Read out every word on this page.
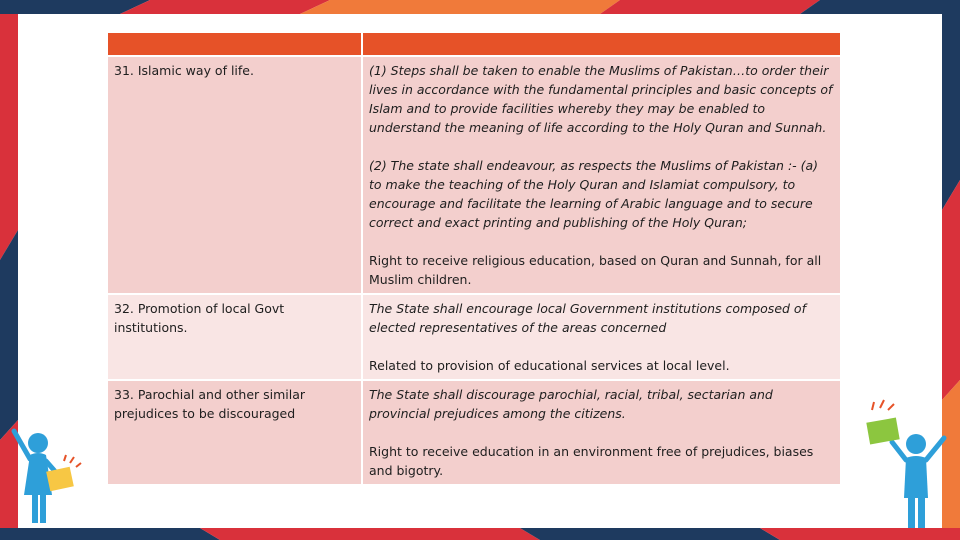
31. Islamic way of life.	(1) Steps shall be taken to enable the Muslims of Pakistan…to order their lives in accordance with the fundamental principles and basic concepts of Islam and to provide facilities whereby they may be enabled to understand the meaning of life according to the Holy Quran and Sunnah.

(2) The state shall endeavour, as respects the Muslims of Pakistan :- (a) to make the teaching of the Holy Quran and Islamiat compulsory, to encourage and facilitate the learning of Arabic language and to secure correct and exact printing and publishing of the Holy Quran;

Right to receive religious education, based on Quran and Sunnah, for all Muslim children.

32. Promotion of local Govt institutions.	The State shall encourage local Government institutions composed of elected representatives of the areas concerned

Related to provision of educational services at local level.

33. Parochial and other similar prejudices to be discouraged	The State shall discourage parochial, racial, tribal, sectarian and provincial prejudices among the citizens.

Right to receive education in an environment free of prejudices, biases and bigotry.
